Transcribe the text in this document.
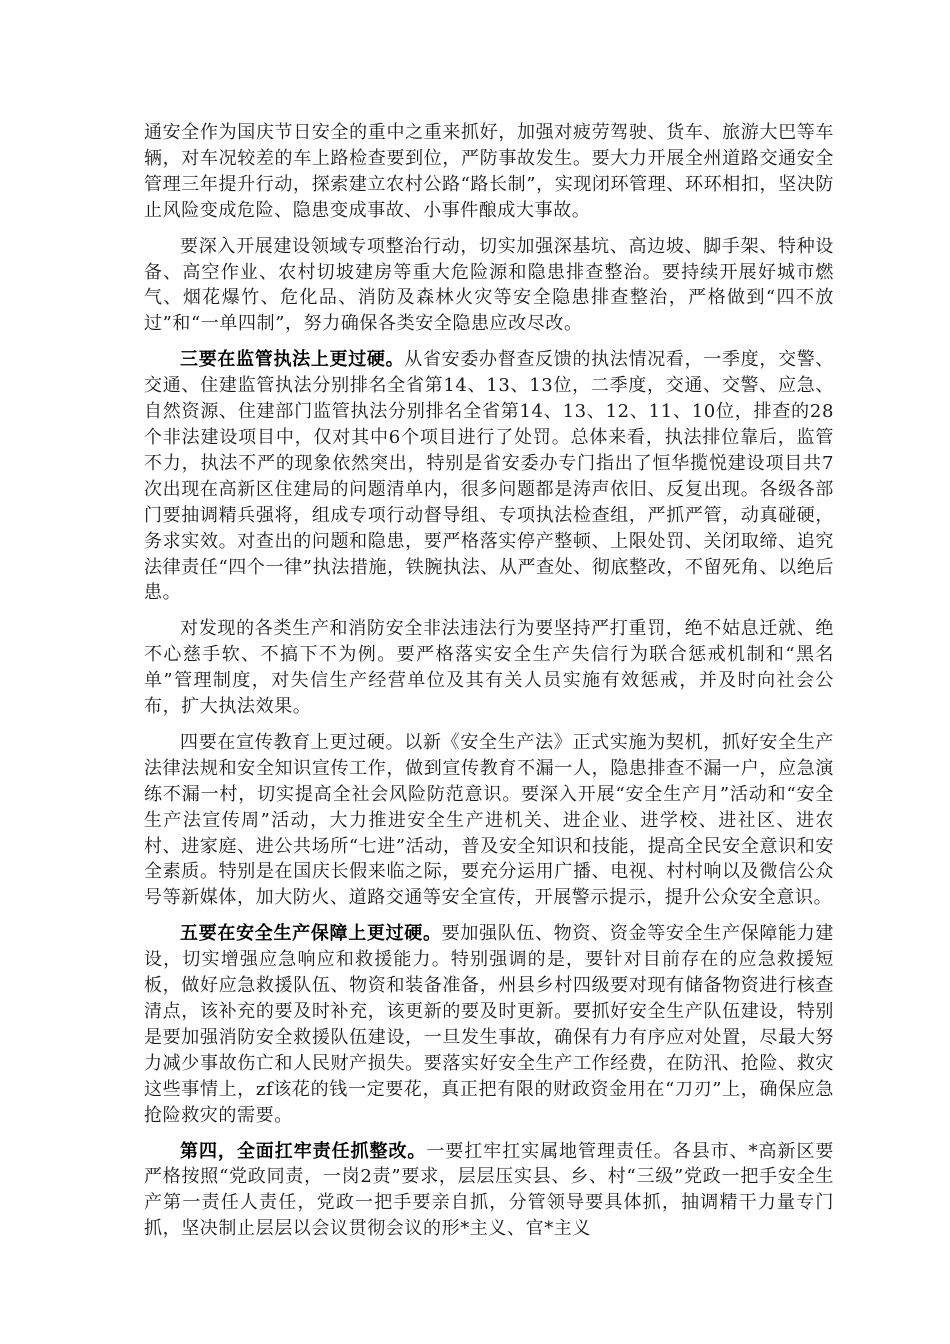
通安全作为国庆节日安全的重中之重来抓好，加强对疲劳驾驶、货车、旅游大巴等车辆，对车况较差的车上路检查要到位，严防事故发生。要大力开展全州道路交通安全管理三年提升行动，探索建立农村公路“路长制”，实现闭环管理、环环相扣，坚决防止风险变成危险、隐患变成事故、小事件酿成大事故。

要深入开展建设领域专项整治行动，切实加强深基坑、高边坡、脚手架、特种设备、高空作业、农村切坡建房等重大危险源和隐患排查整治。要持续开展好城市燃气、烟花爆竹、危化品、消防及森林火灾等安全隐患排查整治，严格做到“四不放过”和“一单四制”，努力确保各类安全隐患应改尽改。

三要在监管执法上更过硬。从省安委办督查反馈的执法情况看，一季度，交警、交通、住建监管执法分别排名全省第14、13、13位，二季度，交通、交警、应急、自然资源、住建部门监管执法分别排名全省第14、13、12、11、10位，排查的28个非法建设项目中，仅对其中6个项目进行了处罚。总体来看，执法排位靠后，监管不力，执法不严的现象依然突出，特别是省安委办专门指出了恒华揽悦建设项目共7次出现在高新区住建局的问题清单内，很多问题都是涛声依旧、反复出现。各级各部门要抽调精兵强将，组成专项行动督导组、专项执法检查组，严抓严管，动真碰硬，务求实效。对查出的问题和隐患，要严格落实停产整顿、上限处罚、关闭取缔、追究法律责任“四个一律”执法措施，铁腕执法、从严查处、彻底整改，不留死角、以绝后患。

对发现的各类生产和消防安全非法违法行为要坚持严打重罚，绝不姑息迁就、绝不心慈手软、不搞下不为例。要严格落实安全生产失信行为联合惩戒机制和“黑名单”管理制度，对失信生产经营单位及其有关人员实施有效惩戒，并及时向社会公布，扩大执法效果。

四要在宣传教育上更过硬。以新《安全生产法》正式实施为契机，抓好安全生产法律法规和安全知识宣传工作，做到宣传教育不漏一人，隐患排查不漏一户，应急演练不漏一村，切实提高全社会风险防范意识。要深入开展“安全生产月”活动和“安全生产法宣传周”活动，大力推进安全生产进机关、进企业、进学校、进社区、进农村、进家庭、进公共场所“七进”活动，普及安全知识和技能，提高全民安全意识和安全素质。特别是在国庆长假来临之际，要充分运用广播、电视、村村响以及微信公众号等新媒体，加大防火、道路交通等安全宣传，开展警示提示，提升公众安全意识。

五要在安全生产保障上更过硬。要加强队伍、物资、资金等安全生产保障能力建设，切实增强应急响应和救援能力。特别强调的是，要针对目前存在的应急救援短板，做好应急救援队伍、物资和装备准备，州县乡村四级要对现有储备物资进行核查清点，该补充的要及时补充，该更新的要及时更新。要抓好安全生产队伍建设，特别是要加强消防安全救援队伍建设，一旦发生事故，确保有力有序应对处置，尽最大努力减少事故伤亡和人民财产损失。要落实好安全生产工作经费，在防汛、抢险、救灾这些事情上，zf该花的钱一定要花，真正把有限的财政资金用在“刀刃”上，确保应急抢险救灾的需要。

第四，全面扛牢责任抓整改。一要扛牢扛实属地管理责任。各县市、*高新区要严格按照“党政同责，一岗2责”要求，层层压实县、乡、村“三级”党政一把手安全生产第一责任人责任，党政一把手要亲自抓，分管领导要具体抓，抽调精干力量专门抓，坚决制止层层以会议贯彻会议的形*主义、官*主义
